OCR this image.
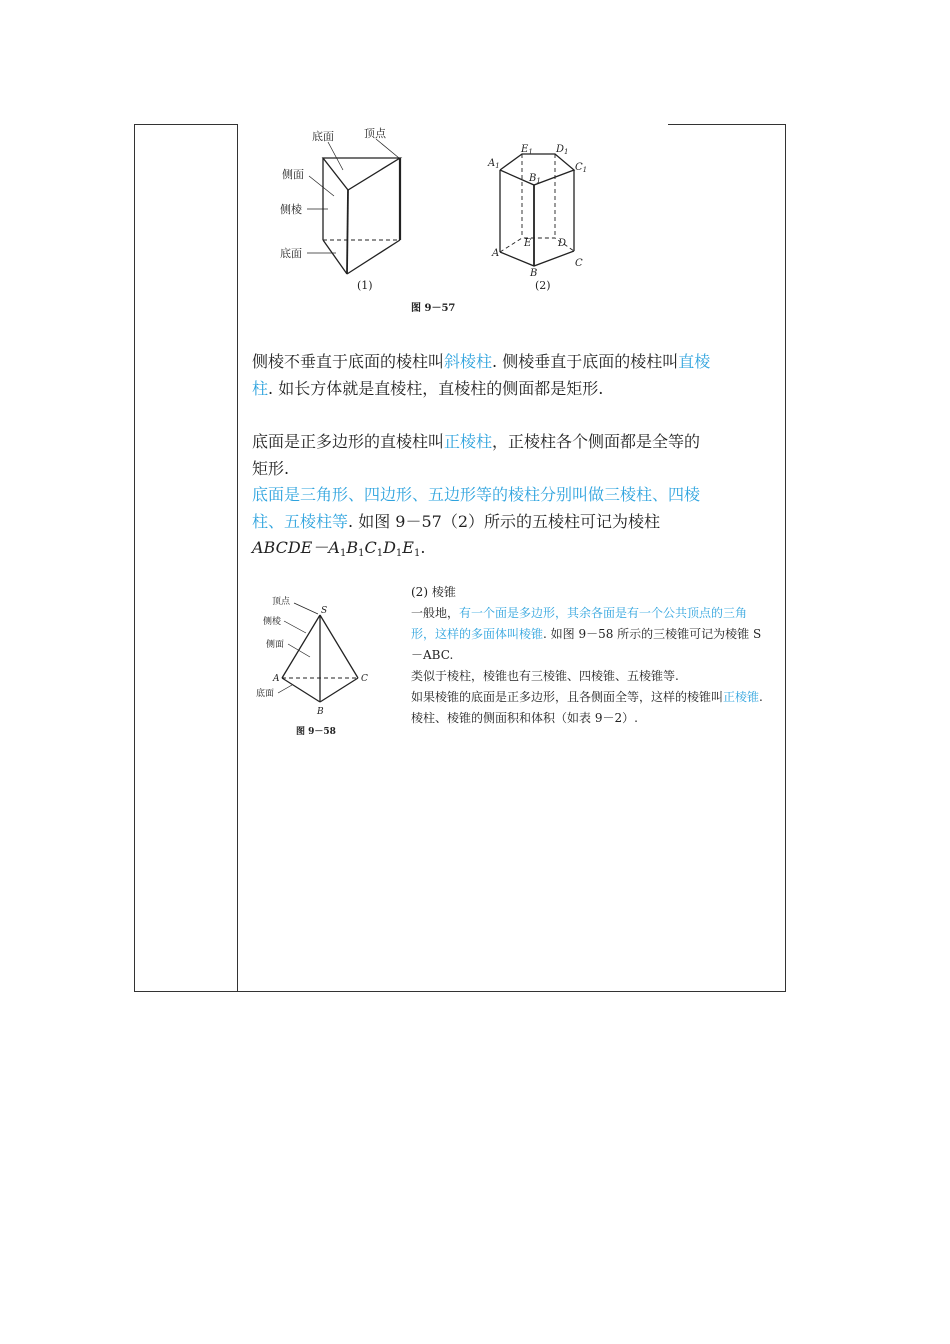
底面	顶点
侧面
侧棱
底面
(1)
$A_1$
$E_1$ $D_1$
$C_1$
$B_1$
A
E	D
C
B
(2)
图 9－57

侧棱不垂直于底面的棱柱叫斜棱柱. 侧棱垂直于底面的棱柱叫直棱柱. 如长方体就是直棱柱，直棱柱的侧面都是矩形.

底面是正多边形的直棱柱叫正棱柱，正棱柱各个侧面都是全等的矩形.

底面是三角形、四边形、五边形等的棱柱分别叫做三棱柱、四棱柱、五棱柱等. 如图 9－57（2）所示的五棱柱可记为棱柱
$ABCDE-A_1B_1C_1D_1E_1$.

顶点
侧棱
侧面
底面
S
A	C
B
图 9－58

(2) 棱锥

一般地，有一个面是多边形，其余各面是有一个公共顶点的三角形，这样的多面体叫棱锥. 如图 9－58 所示的三棱锥可记为棱锥 S－ABC.

类似于棱柱，棱锥也有三棱锥、四棱锥、五棱锥等.

如果棱锥的底面是正多边形，且各侧面全等，这样的棱锥叫正棱锥.

棱柱、棱锥的侧面积和体积（如表 9－2）.
